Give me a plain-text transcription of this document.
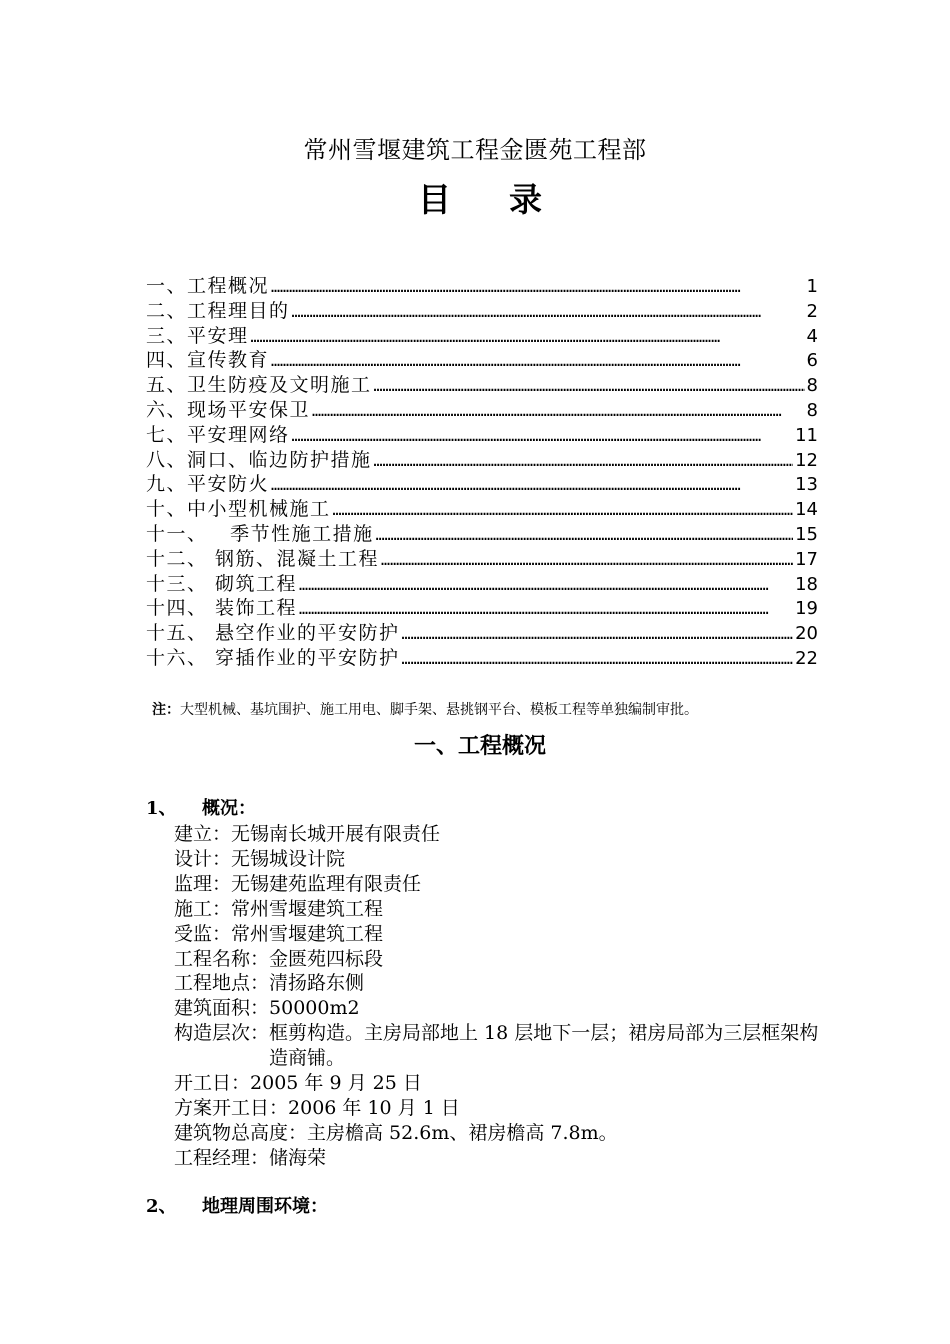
常州雪堰建筑工程金匮苑工程部
目 录
一、工程概况 …………………………………………………………………………………………………………………………………………	1
二、工程理目的 …………………………………………………………………………………………………………………………………………	2
三、平安理 …………………………………………………………………………………………………………………………………………	4
四、宣传教育 …………………………………………………………………………………………………………………………………………	6
五、卫生防疫及文明施工 …………………………………………………………………………………………………………………………………………	8
六、现场平安保卫 …………………………………………………………………………………………………………………………………………	8
七、平安理网络 …………………………………………………………………………………………………………………………………………	11
八、洞口、临边防护措施 …………………………………………………………………………………………………………………………………………	12
九、平安防火 …………………………………………………………………………………………………………………………………………	13
十、中小型机械施工 …………………………………………………………………………………………………………………………………………	14
十一、   季节性施工措施 …………………………………………………………………………………………………………………………………………	15
十二、 钢筋、混凝土工程 …………………………………………………………………………………………………………………………………………	17
十三、 砌筑工程 …………………………………………………………………………………………………………………………………………	18
十四、 装饰工程 …………………………………………………………………………………………………………………………………………	19
十五、 悬空作业的平安防护 …………………………………………………………………………………………………………………………………………	20
十六、 穿插作业的平安防护 …………………………………………………………………………………………………………………………………………	22
注：大型机械、基坑围护、施工用电、脚手架、悬挑钢平台、模板工程等单独编制审批。
一、工程概况
1、 概况：
建立：无锡南长城开展有限责任
设计：无锡城设计院
监理：无锡建苑监理有限责任
施工：常州雪堰建筑工程
受监：常州雪堰建筑工程
工程名称：金匮苑四标段
工程地点：清扬路东侧
建筑面积：50000m2
构造层次： 框剪构造。主房局部地上 18 层地下一层；裙房局部为三层框架构造商铺。
开工日：2005 年 9 月 25 日
方案开工日：2006 年 10 月 1 日
建筑物总高度：主房檐高 52.6m、裙房檐高 7.8m。
工程经理：储海荣
2、 地理周围环境：
